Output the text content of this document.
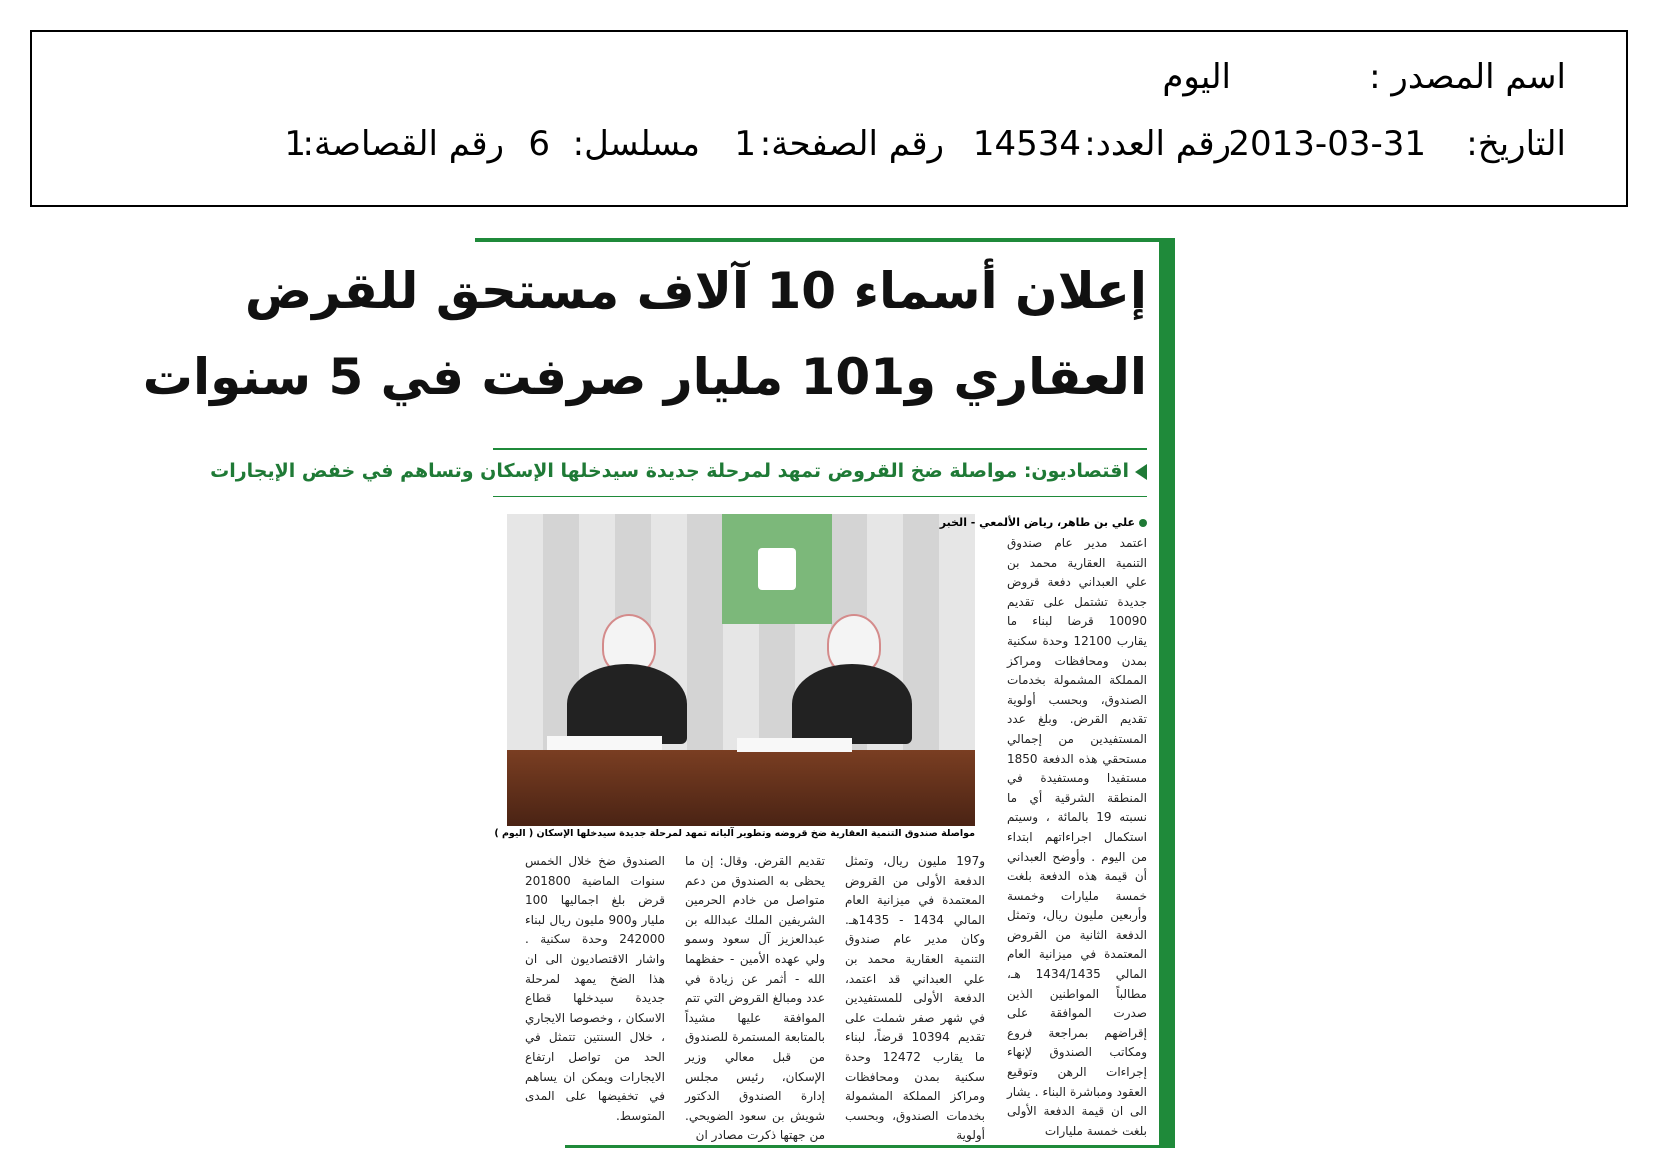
اسم المصدر :
اليوم
التاريخ:
2013-03-31
رقم العدد:
14534
رقم الصفحة:
1
مسلسل:
6
رقم القصاصة:
1
إعلان أسماء 10 آلاف مستحق للقرض
العقاري و101 مليار صرفت في 5 سنوات
اقتصاديون: مواصلة ضخ القروض تمهد لمرحلة جديدة سيدخلها الإسكان وتساهم في خفض الإيجارات
مواصلة صندوق التنمية العقارية ضخ قروضه وتطوير آلياته تمهد لمرحلة جديدة سيدخلها الإسكان ( اليوم )
علي بن طاهر، رياض الألمعي - الخبر

اعتمد مدير عام صندوق التنمية العقارية محمد بن علي العبداني دفعة قروض جديدة تشتمل على تقديم 10090 قرضا لبناء ما يقارب 12100 وحدة سكنية بمدن ومحافظات ومراكز المملكة المشمولة بخدمات الصندوق، وبحسب أولوية تقديم القرض. وبلغ عدد المستفيدين من إجمالي مستحقي هذه الدفعة 1850 مستفيدا ومستفيدة في المنطقة الشرقية أي ما نسبته 19 بالمائة ، وسيتم استكمال اجراءاتهم ابتداء من اليوم . وأوضح العبداني أن قيمة هذه الدفعة بلغت خمسة مليارات وخمسة وأربعين مليون ريال، وتمثل الدفعة الثانية من القروض المعتمدة في ميزانية العام المالي 1434/1435 هـ، مطالباً المواطنين الذين صدرت الموافقة على إقراضهم بمراجعة فروع ومكاتب الصندوق لإنهاء إجراءات الرهن وتوقيع العقود ومباشرة البناء . يشار الى ان قيمة الدفعة الأولى بلغت خمسة مليارات

و197 مليون ريال، وتمثل الدفعة الأولى من القروض المعتمدة في ميزانية العام المالي 1434 - 1435هـ. وكان مدير عام صندوق التنمية العقارية محمد بن علي العبداني قد اعتمد، الدفعة الأولى للمستفيدين في شهر صفر شملت على تقديم 10394 قرضاً، لبناء ما يقارب 12472 وحدة سكنية بمدن ومحافظات ومراكز المملكة المشمولة بخدمات الصندوق، وبحسب أولوية

تقديم القرض. وقال: إن ما يحظى به الصندوق من دعم متواصل من خادم الحرمين الشريفين الملك عبدالله بن عبدالعزيز آل سعود وسمو ولي عهده الأمين - حفظهما الله - أثمر عن زيادة في عدد ومبالغ القروض التي تتم الموافقة عليها مشيداً بالمتابعة المستمرة للصندوق من قبل معالي وزير الإسكان، رئيس مجلس إدارة الصندوق الدكتور شويش بن سعود الضويحي. من جهتها ذكرت مصادر ان

الصندوق ضخ خلال الخمس سنوات الماضية 201800 قرض بلغ اجماليها 100 مليار و900 مليون ريال لبناء 242000 وحدة سكنية . واشار الاقتصاديون الى ان هذا الضخ يمهد لمرحلة جديدة سيدخلها قطاع الاسكان ، وخصوصا الايجاري ، خلال السنتين تتمثل في الحد من تواصل ارتفاع الايجارات ويمكن ان يساهم في تخفيضها على المدى المتوسط.
